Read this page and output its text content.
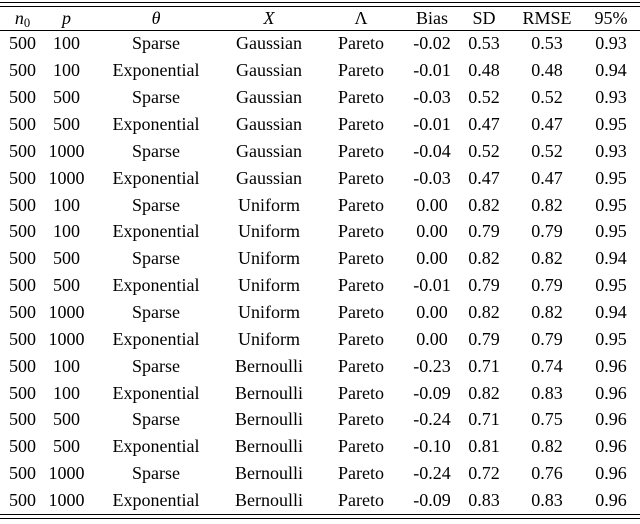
$n_0$	p	θ	X	Λ	Bias	SD	RMSE	95%
500	100	Sparse	Gaussian	Pareto	-0.02	0.53	0.53	0.93
500	100	Exponential	Gaussian	Pareto	-0.01	0.48	0.48	0.94
500	500	Sparse	Gaussian	Pareto	-0.03	0.52	0.52	0.93
500	500	Exponential	Gaussian	Pareto	-0.01	0.47	0.47	0.95
500	1000	Sparse	Gaussian	Pareto	-0.04	0.52	0.52	0.93
500	1000	Exponential	Gaussian	Pareto	-0.03	0.47	0.47	0.95
500	100	Sparse	Uniform	Pareto	0.00	0.82	0.82	0.95
500	100	Exponential	Uniform	Pareto	0.00	0.79	0.79	0.95
500	500	Sparse	Uniform	Pareto	0.00	0.82	0.82	0.94
500	500	Exponential	Uniform	Pareto	-0.01	0.79	0.79	0.95
500	1000	Sparse	Uniform	Pareto	0.00	0.82	0.82	0.94
500	1000	Exponential	Uniform	Pareto	0.00	0.79	0.79	0.95
500	100	Sparse	Bernoulli	Pareto	-0.23	0.71	0.74	0.96
500	100	Exponential	Bernoulli	Pareto	-0.09	0.82	0.83	0.96
500	500	Sparse	Bernoulli	Pareto	-0.24	0.71	0.75	0.96
500	500	Exponential	Bernoulli	Pareto	-0.10	0.81	0.82	0.96
500	1000	Sparse	Bernoulli	Pareto	-0.24	0.72	0.76	0.96
500	1000	Exponential	Bernoulli	Pareto	-0.09	0.83	0.83	0.96
